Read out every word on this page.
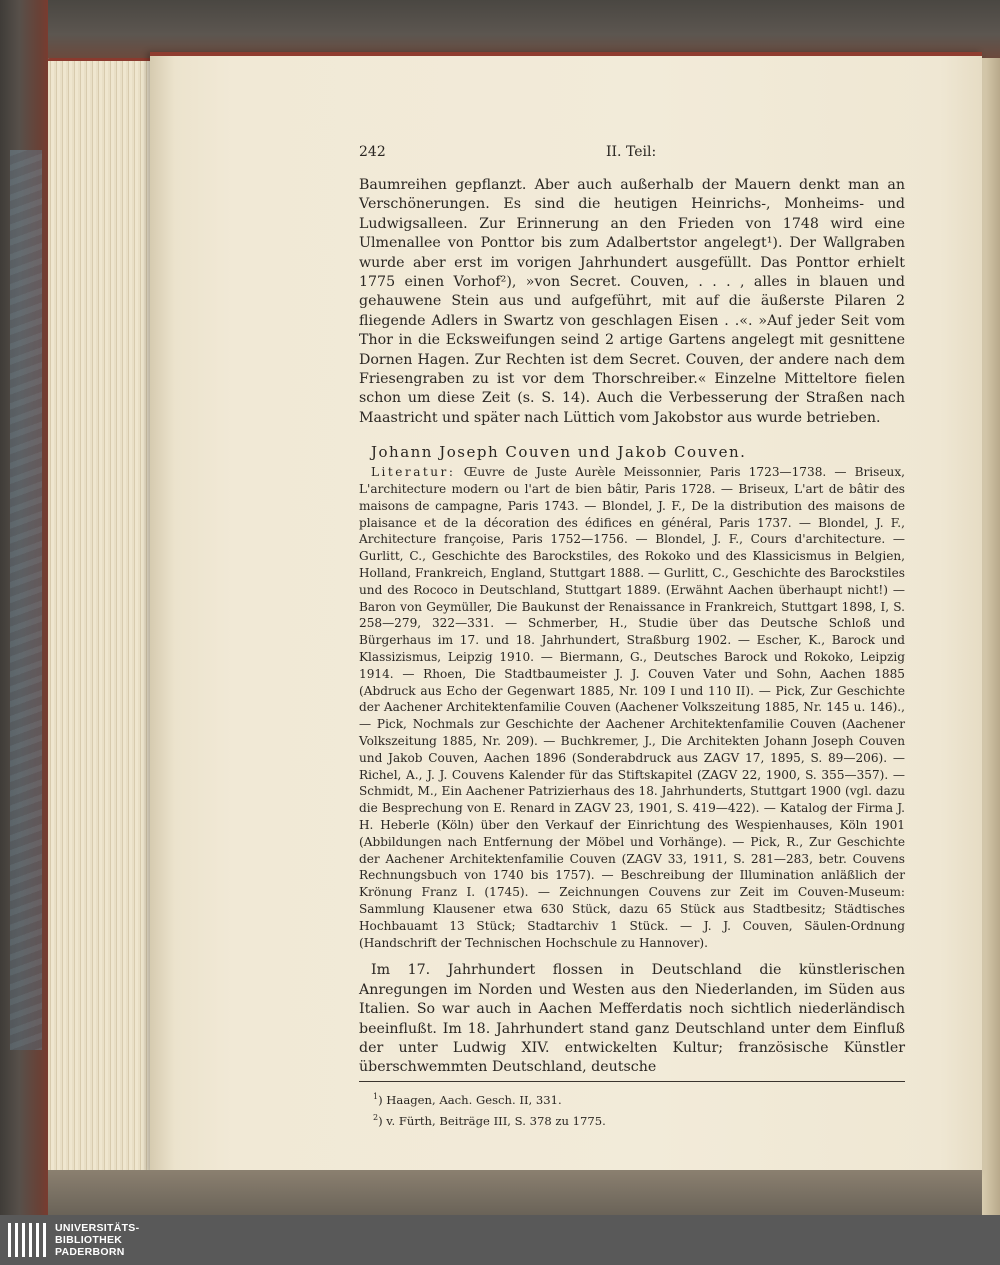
242	II. Teil:

Baumreihen gepflanzt. Aber auch außerhalb der Mauern denkt man an Verschönerungen. Es sind die heutigen Heinrichs-, Monheims- und Ludwigsalleen. Zur Erinnerung an den Frieden von 1748 wird eine Ulmenallee von Ponttor bis zum Adalbertstor angelegt¹). Der Wallgraben wurde aber erst im vorigen Jahrhundert ausgefüllt. Das Ponttor erhielt 1775 einen Vorhof²), »von Secret. Couven, . . . , alles in blauen und gehauwene Stein aus und aufgeführt, mit auf die äußerste Pilaren 2 fliegende Adlers in Swartz von geschlagen Eisen . .«. »Auf jeder Seit vom Thor in die Ecksweifungen seind 2 artige Gartens angelegt mit gesnittene Dornen Hagen. Zur Rechten ist dem Secret. Couven, der andere nach dem Friesengraben zu ist vor dem Thorschreiber.« Einzelne Mitteltore fielen schon um diese Zeit (s. S. 14). Auch die Verbesserung der Straßen nach Maastricht und später nach Lüttich vom Jakobstor aus wurde betrieben.

Johann Joseph Couven und Jakob Couven.

Literatur: Œuvre de Juste Aurèle Meissonnier, Paris 1723—1738. — Briseux, L'architecture modern ou l'art de bien bâtir, Paris 1728. — Briseux, L'art de bâtir des maisons de campagne, Paris 1743. — Blondel, J. F., De la distribution des maisons de plaisance et de la décoration des édifices en général, Paris 1737. — Blondel, J. F., Architecture françoise, Paris 1752—1756. — Blondel, J. F., Cours d'architecture. — Gurlitt, C., Geschichte des Barockstiles, des Rokoko und des Klassicismus in Belgien, Holland, Frankreich, England, Stuttgart 1888. — Gurlitt, C., Geschichte des Barockstiles und des Rococo in Deutschland, Stuttgart 1889. (Erwähnt Aachen überhaupt nicht!) — Baron von Geymüller, Die Baukunst der Renaissance in Frankreich, Stuttgart 1898, I, S. 258—279, 322—331. — Schmerber, H., Studie über das Deutsche Schloß und Bürgerhaus im 17. und 18. Jahrhundert, Straßburg 1902. — Escher, K., Barock und Klassizismus, Leipzig 1910. — Biermann, G., Deutsches Barock und Rokoko, Leipzig 1914. — Rhoen, Die Stadtbaumeister J. J. Couven Vater und Sohn, Aachen 1885 (Abdruck aus Echo der Gegenwart 1885, Nr. 109 I und 110 II). — Pick, Zur Geschichte der Aachener Architektenfamilie Couven (Aachener Volkszeitung 1885, Nr. 145 u. 146).,— Pick, Nochmals zur Geschichte der Aachener Architektenfamilie Couven (Aachener Volkszeitung 1885, Nr. 209). — Buchkremer, J., Die Architekten Johann Joseph Couven und Jakob Couven, Aachen 1896 (Sonderabdruck aus ZAGV 17, 1895, S. 89—206). — Richel, A., J. J. Couvens Kalender für das Stiftskapitel (ZAGV 22, 1900, S. 355—357). — Schmidt, M., Ein Aachener Patrizierhaus des 18. Jahrhunderts, Stuttgart 1900 (vgl. dazu die Besprechung von E. Renard in ZAGV 23, 1901, S. 419—422). — Katalog der Firma J. H. Heberle (Köln) über den Verkauf der Einrichtung des Wespienhauses, Köln 1901 (Abbildungen nach Entfernung der Möbel und Vorhänge). — Pick, R., Zur Geschichte der Aachener Architektenfamilie Couven (ZAGV 33, 1911, S. 281—283, betr. Couvens Rechnungsbuch von 1740 bis 1757). — Beschreibung der Illumination anläßlich der Krönung Franz I. (1745). — Zeichnungen Couvens zur Zeit im Couven-Museum: Sammlung Klausener etwa 630 Stück, dazu 65 Stück aus Stadtbesitz; Städtisches Hochbauamt 13 Stück; Stadtarchiv 1 Stück. — J. J. Couven, Säulen-Ordnung (Handschrift der Technischen Hochschule zu Hannover).

Im 17. Jahrhundert flossen in Deutschland die künstlerischen Anregungen im Norden und Westen aus den Niederlanden, im Süden aus Italien. So war auch in Aachen Mefferdatis noch sichtlich niederländisch beeinflußt. Im 18. Jahrhundert stand ganz Deutschland unter dem Einfluß der unter Ludwig XIV. entwickelten Kultur; französische Künstler überschwemmten Deutschland, deutsche

$^1$) Haagen, Aach. Gesch. II, 331.
$^2$) v. Fürth, Beiträge III, S. 378 zu 1775.
UNIVERSITÄTS-
BIBLIOTHEK
PADERBORN
